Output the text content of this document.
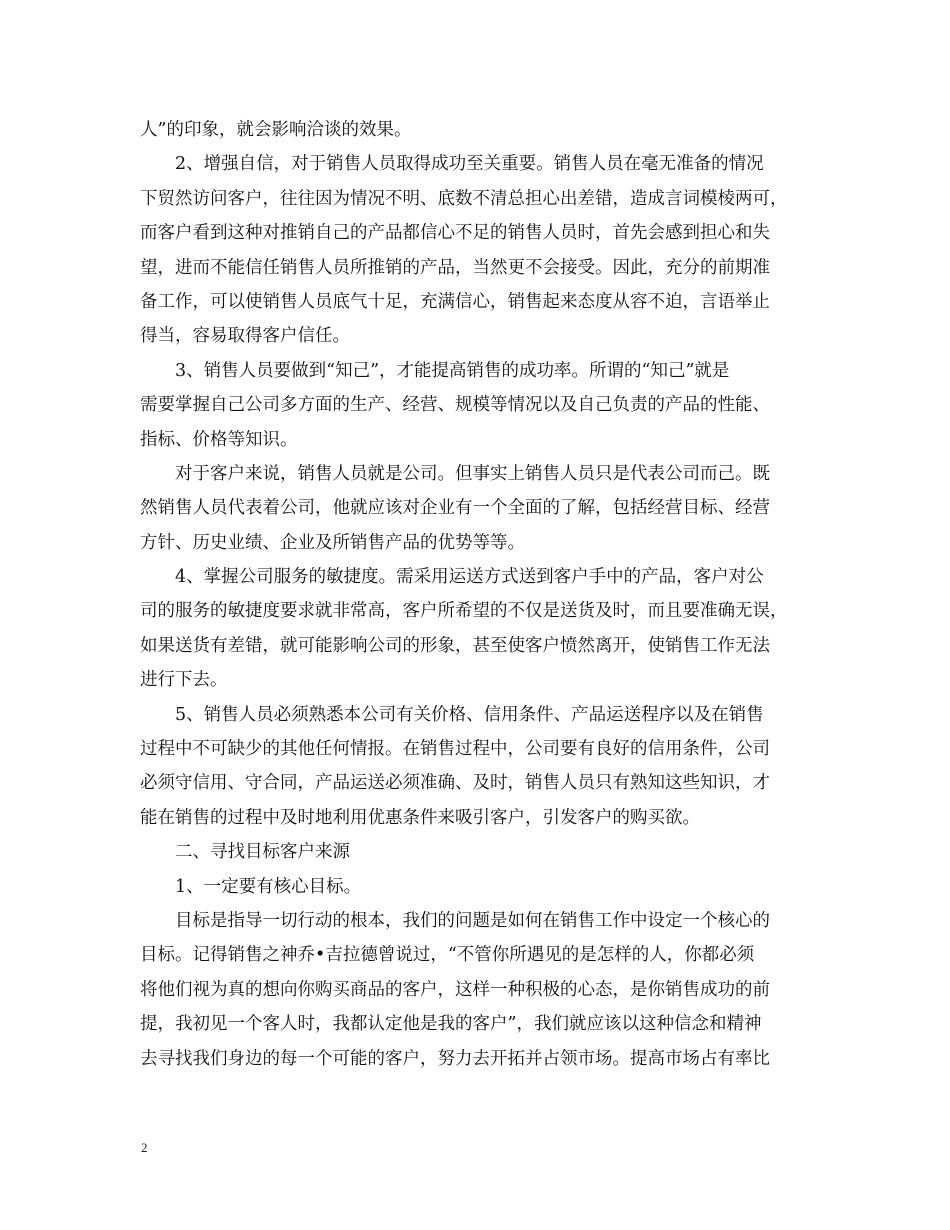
人”的印象，就会影响洽谈的效果。
2、增强自信，对于销售人员取得成功至关重要。销售人员在毫无准备的情况
下贸然访问客户，往往因为情况不明、底数不清总担心出差错，造成言词模棱两可，
而客户看到这种对推销自己的产品都信心不足的销售人员时，首先会感到担心和失
望，进而不能信任销售人员所推销的产品，当然更不会接受。因此，充分的前期准
备工作，可以使销售人员底气十足，充满信心，销售起来态度从容不迫，言语举止
得当，容易取得客户信任。
3、销售人员要做到“知己”，才能提高销售的成功率。所谓的“知己”就是
需要掌握自己公司多方面的生产、经营、规模等情况以及自己负责的产品的性能、
指标、价格等知识。
对于客户来说，销售人员就是公司。但事实上销售人员只是代表公司而己。既
然销售人员代表着公司，他就应该对企业有一个全面的了解，包括经营目标、经营
方针、历史业绩、企业及所销售产品的优势等等。
4、掌握公司服务的敏捷度。需采用运送方式送到客户手中的产品，客户对公
司的服务的敏捷度要求就非常高，客户所希望的不仅是送货及时，而且要准确无误，
如果送货有差错，就可能影响公司的形象，甚至使客户愤然离开，使销售工作无法
进行下去。
5、销售人员必须熟悉本公司有关价格、信用条件、产品运送程序以及在销售
过程中不可缺少的其他任何情报。在销售过程中，公司要有良好的信用条件，公司
必须守信用、守合同，产品运送必须准确、及时，销售人员只有熟知这些知识，才
能在销售的过程中及时地利用优惠条件来吸引客户，引发客户的购买欲。
二、寻找目标客户来源
1、一定要有核心目标。
目标是指导一切行动的根本，我们的问题是如何在销售工作中设定一个核心的
目标。记得销售之神乔•吉拉德曾说过，“不管你所遇见的是怎样的人，你都必须
将他们视为真的想向你购买商品的客户，这样一种积极的心态，是你销售成功的前
提，我初见一个客人时，我都认定他是我的客户”，我们就应该以这种信念和精神
去寻找我们身边的每一个可能的客户，努力去开拓并占领市场。提高市场占有率比
2
